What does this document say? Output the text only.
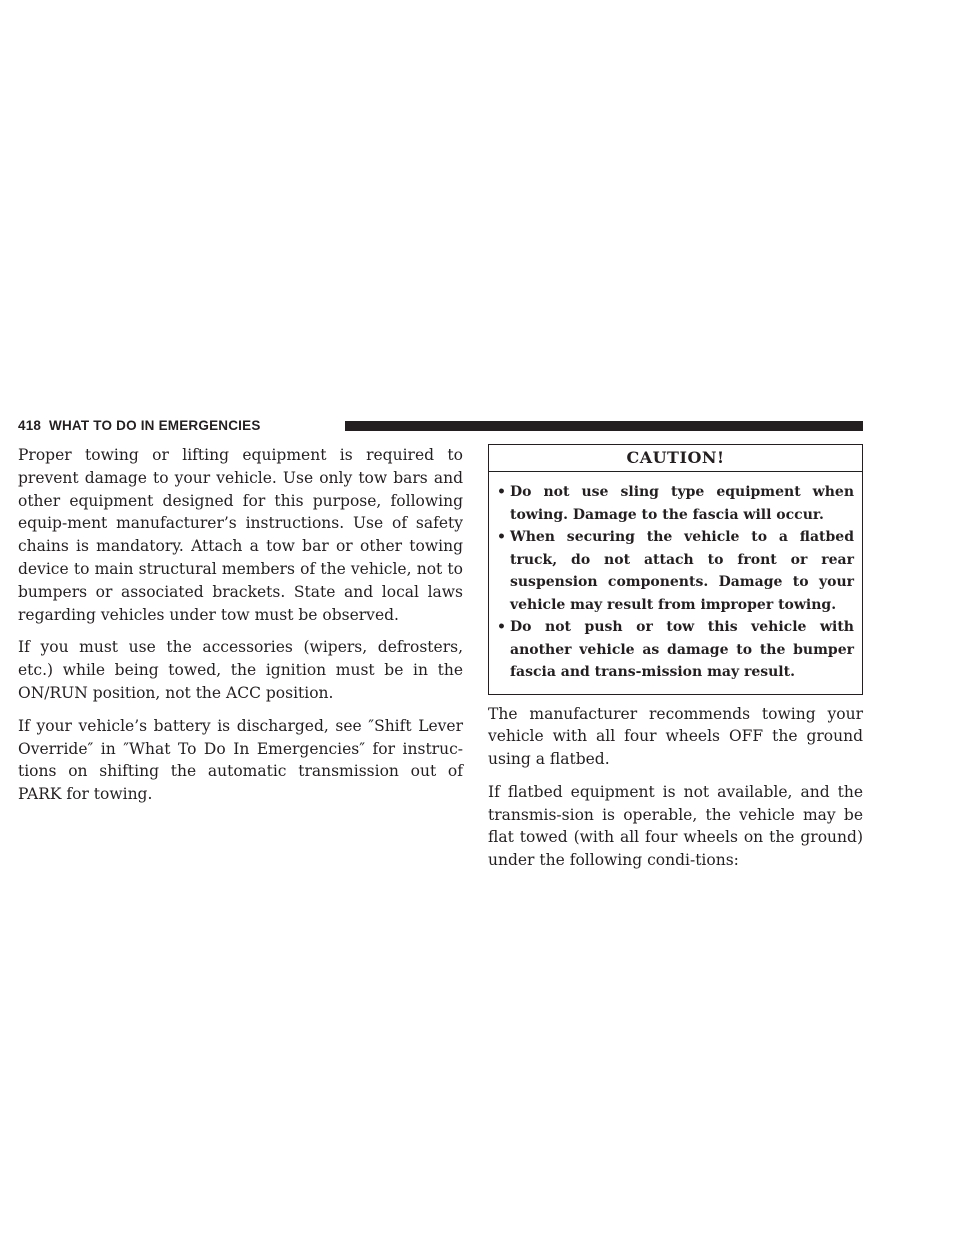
418 WHAT TO DO IN EMERGENCIES

Proper towing or lifting equipment is required to prevent damage to your vehicle. Use only tow bars and other equipment designed for this purpose, following equip-ment manufacturer’s instructions. Use of safety chains is mandatory. Attach a tow bar or other towing device to main structural members of the vehicle, not to bumpers or associated brackets. State and local laws regarding vehicles under tow must be observed.

If you must use the accessories (wipers, defrosters, etc.) while being towed, the ignition must be in the ON/RUN position, not the ACC position.

If your vehicle’s battery is discharged, see ″Shift Lever Override″ in ″What To Do In Emergencies″ for instruc-tions on shifting the automatic transmission out of PARK for towing.

CAUTION!
• Do not use sling type equipment when towing. Damage to the fascia will occur.
• When securing the vehicle to a flatbed truck, do not attach to front or rear suspension components. Damage to your vehicle may result from improper towing.
• Do not push or tow this vehicle with another vehicle as damage to the bumper fascia and trans-mission may result.

The manufacturer recommends towing your vehicle with all four wheels OFF the ground using a flatbed.

If flatbed equipment is not available, and the transmis-sion is operable, the vehicle may be flat towed (with all four wheels on the ground) under the following condi-tions:
